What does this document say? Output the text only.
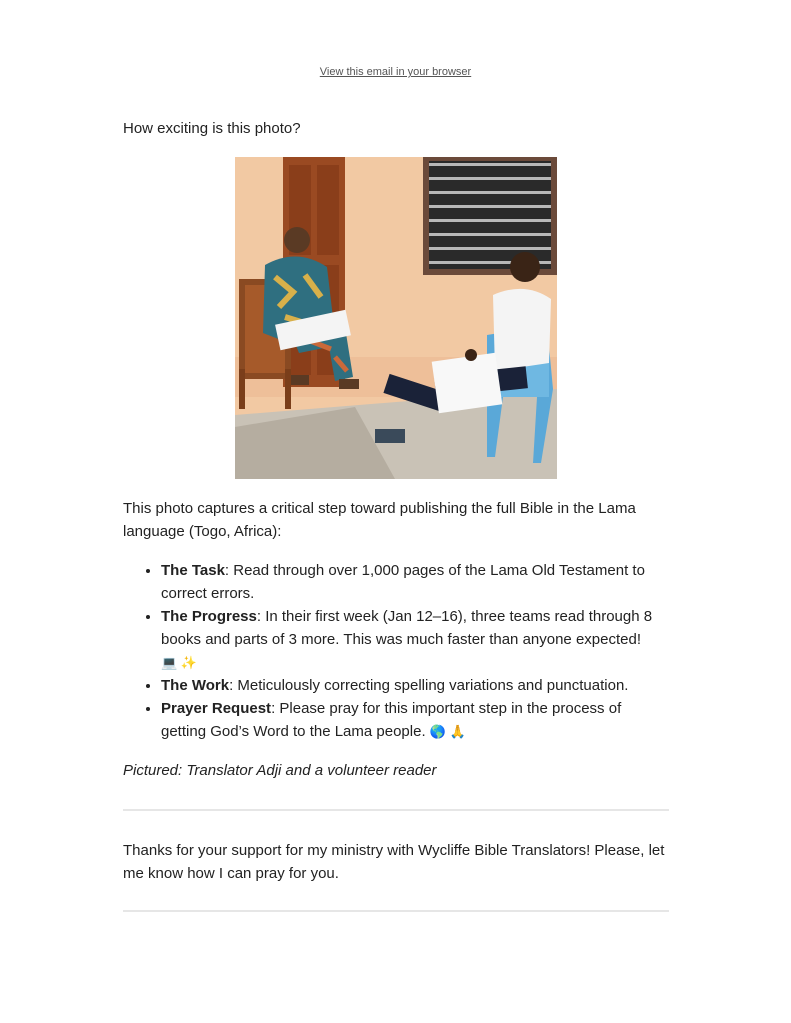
View this email in your browser
How exciting is this photo?
This photo captures a critical step toward publishing the full Bible in the Lama language (Togo, Africa):
• The Task: Read through over 1,000 pages of the Lama Old Testament to correct errors.
• The Progress: In their first week (Jan 12–16), three teams read through 8 books and parts of 3 more. This was much faster than anyone expected!
💻 ✨
• The Work: Meticulously correcting spelling variations and punctuation.
• Prayer Request: Please pray for this important step in the process of getting God’s Word to the Lama people. 🌎 🙏
Pictured: Translator Adji and a volunteer reader
Thanks for your support for my ministry with Wycliffe Bible Translators! Please, let me know how I can pray for you.
